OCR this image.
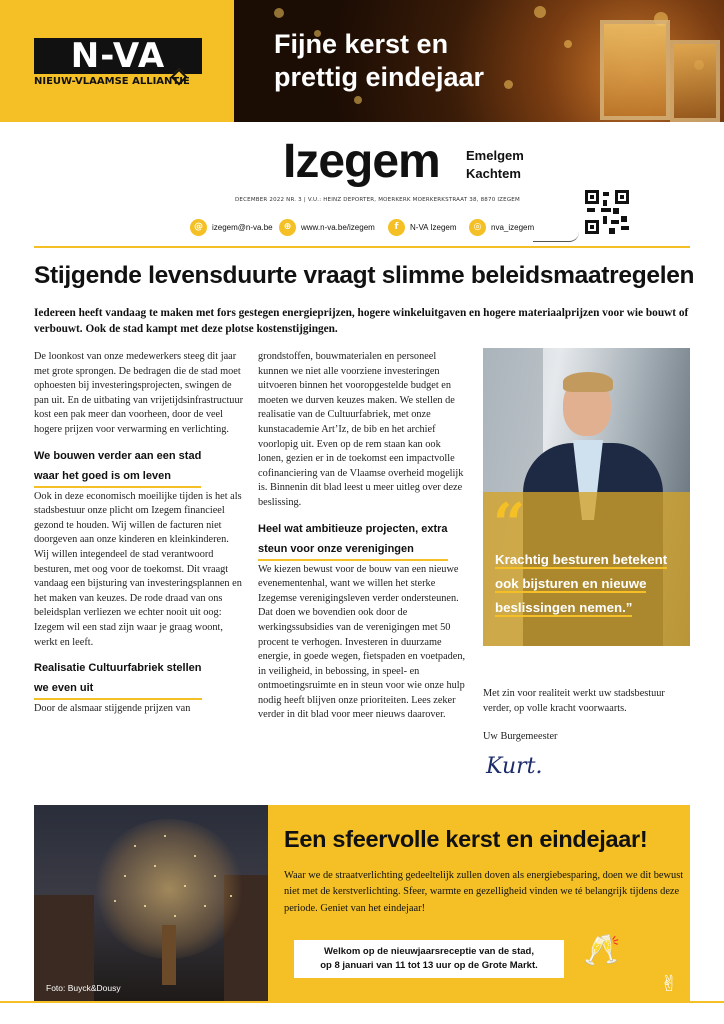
N-VA
NIEUW-VLAAMSE ALLIANTIE
Fijne kerst en
prettig eindejaar
Izegem Emelgem
Kachtem
DECEMBER 2022 NR. 3 | V.U.: HEINZ DEPORTER, MOERKERK MOERKERKSTRAAT 38, 8870 IZEGEM
@ izegem@n-va.be	⊕ www.n-va.be/izegem	f N-VA Izegem	◎ nva_izegem
Stijgende levensduurte vraagt slimme beleidsmaatregelen
Iedereen heeft vandaag te maken met fors gestegen energieprijzen, hogere winkeluitgaven en hogere materiaalprijzen voor wie bouwt of verbouwt. Ook de stad kampt met deze plotse kostenstijgingen.

De loonkost van onze medewerkers steeg dit jaar met grote sprongen. De bedragen die de stad moet ophoesten bij investeringsprojecten, swingen de pan uit. En de uitbating van vrijetijdsinfrastructuur kost een pak meer dan voorheen, door de veel hogere prijzen voor verwarming en verlichting.

We bouwen verder aan een stad
waar het goed is om leven

Ook in deze economisch moeilijke tijden is het als stadsbestuur onze plicht om Izegem financieel gezond te houden. Wij willen de facturen niet doorgeven aan onze kinderen en kleinkinderen. Wij willen integendeel de stad verantwoord besturen, met oog voor de toekomst. Dit vraagt vandaag een bijsturing van investeringsplannen en het maken van keuzes. De rode draad van ons beleidsplan verliezen we echter nooit uit oog: Izegem wil een stad zijn waar je graag woont, werkt en leeft.

Realisatie Cultuurfabriek stellen
we even uit

Door de alsmaar stijgende prijzen van

grondstoffen, bouwmaterialen en personeel kunnen we niet alle voorziene investeringen uitvoeren binnen het vooropgestelde budget en moeten we durven keuzes maken. We stellen de realisatie van de Cultuurfabriek, met onze kunstacademie Art’Iz, de bib en het archief voorlopig uit. Even op de rem staan kan ook lonen, gezien er in de toekomst een impactvolle cofinanciering van de Vlaamse overheid mogelijk is. Binnenin dit blad leest u meer uitleg over deze beslissing.

Heel wat ambitieuze projecten, extra
steun voor onze verenigingen

We kiezen bewust voor de bouw van een nieuwe evenementenhal, want we willen het sterke Izegemse verenigingsleven verder ondersteunen. Dat doen we bovendien ook door de werkingssubsidies van de verenigingen met 50 procent te verhogen. Investeren in duurzame energie, in goede wegen, fietspaden en voetpaden, in veiligheid, in bebossing, in speel- en ontmoetingsruimte en in steun voor wie onze hulp nodig heeft blijven onze prioriteiten. Lees zeker verder in dit blad voor meer nieuws daarover.

“
Krachtig besturen betekent
ook bijsturen en nieuwe
beslissingen nemen.”
Met zin voor realiteit werkt uw stadsbestuur verder, op volle kracht voorwaarts.
Uw Burgemeester
Kurt.
Foto: Buyck&Dousy
Een sfeervolle kerst en eindejaar!
Waar we de straatverlichting gedeeltelijk zullen doven als energiebesparing, doen we dit bewust niet met de kerstverlichting. Sfeer, warmte en gezelligheid vinden we té belangrijk tijdens deze periode. Geniet van het eindejaar!
Welkom op de nieuwjaarsreceptie van de stad,
op 8 januari van 11 tot 13 uur op de Grote Markt.	🥂
✌
